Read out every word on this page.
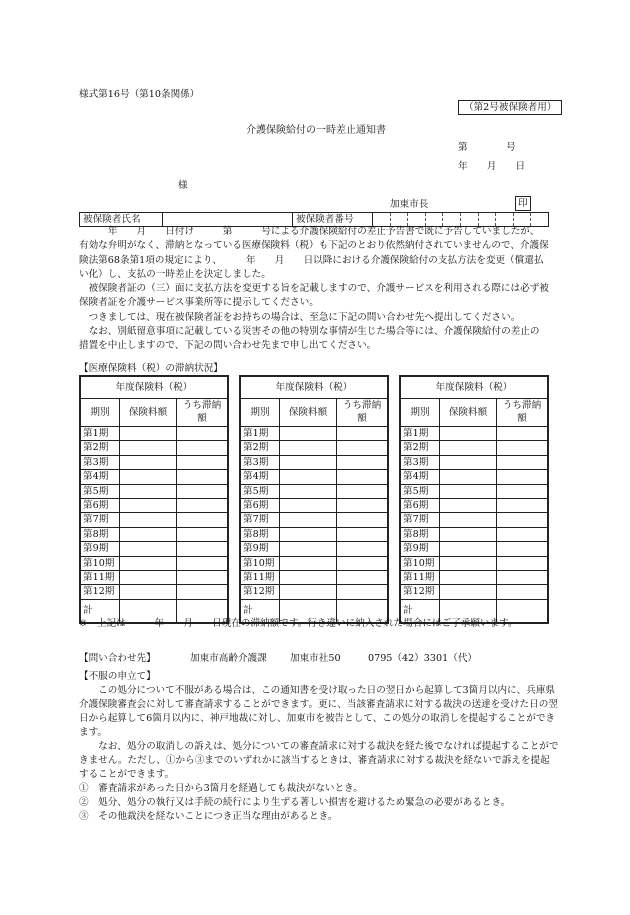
様式第16号（第10条関係）
（第2号被保険者用）
介護保険給付の一時差止通知書
第　　　　号
年　　月　　日
様
加東市長	印
被保険者氏名		被保険者番号	

　　　年　　月　　日付け　　　第　　　号による介護保険給付の差止予告書で既に予告していましたが、有効な弁明がなく、滞納となっている医療保険料（税）も下記のとおり依然納付されていませんので、介護保険法第68条第1項の規定により、　　　年　　月　　日以降における介護保険給付の支払方法を変更（償還払い化）し、支払の一時差止を決定しました。

　被保険者証の（三）面に支払方法を変更する旨を記載しますので、介護サービスを利用される際には必ず被保険者証を介護サービス事業所等に提示してください。

　つきましては、現在被保険者証をお持ちの場合は、至急に下記の問い合わせ先へ提出してください。

　なお、別紙留意事項に記載している災害その他の特別な事情が生じた場合等には、介護保険給付の差止の措置を中止しますので、下記の問い合わせ先まで申し出てください。

【医療保険料（税）の滞納状況】
年度保険料（税）		
期別	保険料額	うち滞納額
第1期		
第2期		
第3期		
第4期		
第5期		
第6期		
第7期		
第8期		
第9期		
第10期		
第11期		
第12期		
計		
年度保険料（税）		
期別	保険料額	うち滞納額
第1期		
第2期		
第3期		
第4期		
第5期		
第6期		
第7期		
第8期		
第9期		
第10期		
第11期		
第12期		
計		
年度保険料（税）		
期別	保険料額	うち滞納額
第1期		
第2期		
第3期		
第4期		
第5期		
第6期		
第7期		
第8期		
第9期		
第10期		
第11期		
第12期		
計		
※ 上記は　　　年　　月　　日現在の滞納額です。行き違いに納入された場合にはご了承願います。
【問い合わせ先】	加東市高齢介護課 加東市社50	0795（42）3301（代）
【不服の申立て】

　　この処分について不服がある場合は、この通知書を受け取った日の翌日から起算して3箇月以内に、兵庫県介護保険審査会に対して審査請求することができます。更に、当該審査請求に対する裁決の送達を受けた日の翌日から起算して6箇月以内に、神戸地裁に対し、加東市を被告として、この処分の取消しを提起することができます。

　　なお、処分の取消しの訴えは、処分についての審査請求に対する裁決を経た後でなければ提起することができません。ただし、①から③までのいずれかに該当するときは、審査請求に対する裁決を経ないで訴えを提起することができます。

①　審査請求があった日から3箇月を経過しても裁決がないとき。

②　処分、処分の執行又は手続の続行により生ずる著しい損害を避けるため緊急の必要があるとき。

③　その他裁決を経ないことにつき正当な理由があるとき。
